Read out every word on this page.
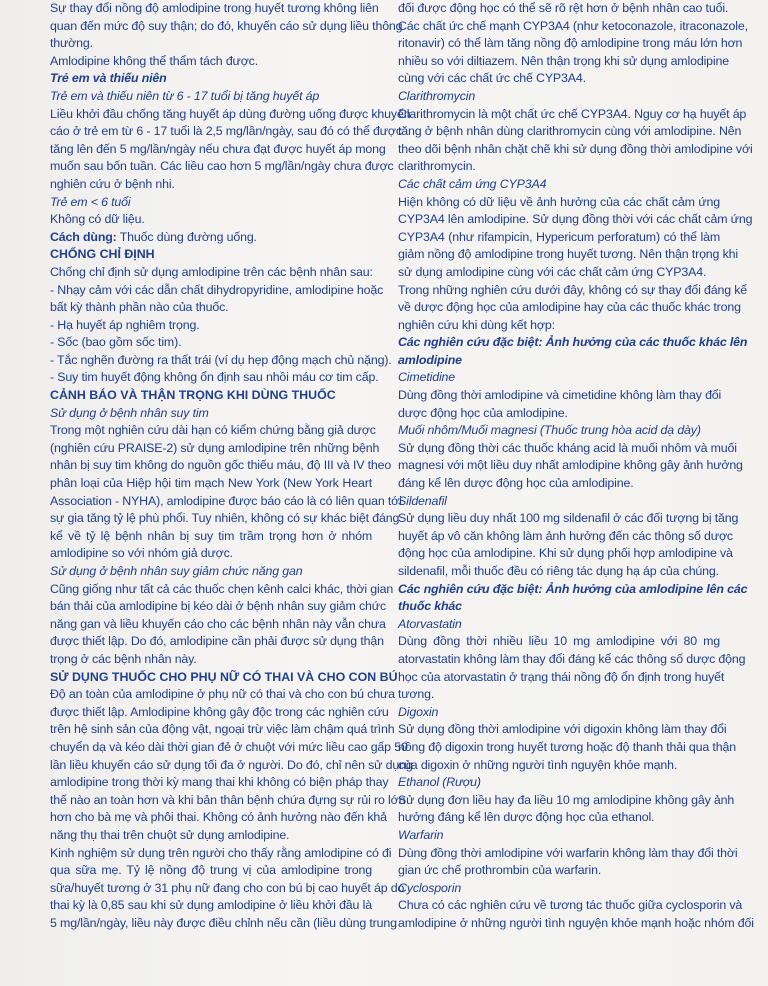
Sự thay đổi nồng độ amlodipine trong huyết tương không liên
quan đến mức độ suy thận; do đó, khuyến cáo sử dụng liều thông
thường.
Amlodipine không thể thẩm tách được.
Trẻ em và thiếu niên
Trẻ em và thiếu niên từ 6 - 17 tuổi bị tăng huyết áp
Liều khởi đầu chống tăng huyết áp dùng đường uống được khuyến
cáo ở trẻ em từ 6 - 17 tuổi là 2,5 mg/lần/ngày, sau đó có thể được
tăng lên đến 5 mg/lần/ngày nếu chưa đạt được huyết áp mong
muốn sau bốn tuần. Các liều cao hơn 5 mg/lần/ngày chưa được
nghiên cứu ở bệnh nhi.
Trẻ em < 6 tuổi
Không có dữ liệu.
Cách dùng: Thuốc dùng đường uống.
CHỐNG CHỈ ĐỊNH
Chống chỉ định sử dụng amlodipine trên các bệnh nhân sau:
- Nhạy cảm với các dẫn chất dihydropyridine, amlodipine hoặc
bất kỳ thành phần nào của thuốc.
- Hạ huyết áp nghiêm trọng.
- Sốc (bao gồm sốc tim).
- Tắc nghẽn đường ra thất trái (ví dụ hẹp động mạch chủ nặng).
- Suy tim huyết động không ổn định sau nhồi máu cơ tim cấp.
CẢNH BÁO VÀ THẬN TRỌNG KHI DÙNG THUỐC
Sử dụng ở bệnh nhân suy tim
Trong một nghiên cứu dài hạn có kiểm chứng bằng giả dược
(nghiên cứu PRAISE-2) sử dụng amlodipine trên những bệnh
nhân bị suy tim không do nguồn gốc thiếu máu, độ III và IV theo
phân loại của Hiệp hội tim mạch New York (New York Heart
Association - NYHA), amlodipine được báo cáo là có liên quan tới
sự gia tăng tỷ lệ phù phổi. Tuy nhiên, không có sự khác biệt đáng
kể về tỷ lệ bệnh nhân bị suy tim trầm trọng hơn ở nhóm
amlodipine so với nhóm giả dược.
Sử dụng ở bệnh nhân suy giảm chức năng gan
Cũng giống như tất cả các thuốc chẹn kênh calci khác, thời gian
bán thải của amlodipine bị kéo dài ở bệnh nhân suy giảm chức
năng gan và liều khuyến cáo cho các bệnh nhân này vẫn chưa
được thiết lập. Do đó, amlodipine cần phải được sử dụng thận
trọng ở các bệnh nhân này.
SỬ DỤNG THUỐC CHO PHỤ NỮ CÓ THAI VÀ CHO CON BÚ
Độ an toàn của amlodipine ở phụ nữ có thai và cho con bú chưa
được thiết lập. Amlodipine không gây độc trong các nghiên cứu
trên hệ sinh sản của động vật, ngoại trừ việc làm chậm quá trình
chuyển dạ và kéo dài thời gian đẻ ở chuột với mức liều cao gấp 50
lần liều khuyến cáo sử dụng tối đa ở người. Do đó, chỉ nên sử dụng
amlodipine trong thời kỳ mang thai khi không có biện pháp thay
thế nào an toàn hơn và khi bản thân bệnh chứa đựng sự rủi ro lớn
hơn cho bà mẹ và phôi thai. Không có ảnh hưởng nào đến khả
năng thụ thai trên chuột sử dụng amlodipine.
Kinh nghiệm sử dụng trên người cho thấy rằng amlodipine có đi
qua sữa mẹ. Tỷ lệ nồng độ trung vị của amlodipine trong
sữa/huyết tương ở 31 phụ nữ đang cho con bú bị cao huyết áp do
thai kỳ là 0,85 sau khi sử dụng amlodipine ở liều khởi đầu là
5 mg/lần/ngày, liều này được điều chỉnh nếu cần (liều dùng trung
đối được động học có thể sẽ rõ rệt hơn ở bệnh nhân cao tuổi.
Các chất ức chế mạnh CYP3A4 (như ketoconazole, itraconazole,
ritonavir) có thể làm tăng nồng độ amlodipine trong máu lớn hơn
nhiều so với diltiazem. Nên thận trọng khi sử dụng amlodipine
cùng với các chất ức chế CYP3A4.
Clarithromycin
Clarithromycin là một chất ức chế CYP3A4. Nguy cơ hạ huyết áp
tăng ở bệnh nhân dùng clarithromycin cùng với amlodipine. Nên
theo dõi bệnh nhân chặt chẽ khi sử dụng đồng thời amlodipine với
clarithromycin.
Các chất cảm ứng CYP3A4
Hiện không có dữ liệu về ảnh hưởng của các chất cảm ứng
CYP3A4 lên amlodipine. Sử dụng đồng thời với các chất cảm ứng
CYP3A4 (như rifampicin, Hypericum perforatum) có thể làm
giảm nồng độ amlodipine trong huyết tương. Nên thận trọng khi
sử dụng amlodipine cùng với các chất cảm ứng CYP3A4.
Trong những nghiên cứu dưới đây, không có sự thay đổi đáng kể
về dược động học của amlodipine hay của các thuốc khác trong
nghiên cứu khi dùng kết hợp:
Các nghiên cứu đặc biệt: Ảnh hưởng của các thuốc khác lên
amlodipine
Cimetidine
Dùng đồng thời amlodipine và cimetidine không làm thay đổi
dược động học của amlodipine.
Muối nhôm/Muối magnesi (Thuốc trung hòa acid dạ dày)
Sử dụng đồng thời các thuốc kháng acid là muối nhôm và muối
magnesi với một liều duy nhất amlodipine không gây ảnh hưởng
đáng kể lên dược động học của amlodipine.
Sildenafil
Sử dụng liều duy nhất 100 mg sildenafil ở các đối tượng bị tăng
huyết áp vô căn không làm ảnh hưởng đến các thông số dược
động học của amlodipine. Khi sử dụng phối hợp amlodipine và
sildenafil, mỗi thuốc đều có riêng tác dụng hạ áp của chúng.
Các nghiên cứu đặc biệt: Ảnh hưởng của amlodipine lên các
thuốc khác
Atorvastatin
Dùng đồng thời nhiều liều 10 mg amlodipine với 80 mg
atorvastatin không làm thay đổi đáng kể các thông số dược động
học của atorvastatin ở trạng thái nồng độ ổn định trong huyết
tương.
Digoxin
Sử dụng đồng thời amlodipine với digoxin không làm thay đổi
nồng độ digoxin trong huyết tương hoặc độ thanh thải qua thận
của digoxin ở những người tình nguyện khỏe mạnh.
Ethanol (Rượu)
Sử dụng đơn liều hay đa liều 10 mg amlodipine không gây ảnh
hưởng đáng kể lên dược động học của ethanol.
Warfarin
Dùng đồng thời amlodipine với warfarin không làm thay đổi thời
gian ức chế prothrombin của warfarin.
Cyclosporin
Chưa có các nghiên cứu về tương tác thuốc giữa cyclosporin và
amlodipine ở những người tình nguyện khỏe mạnh hoặc nhóm đối
